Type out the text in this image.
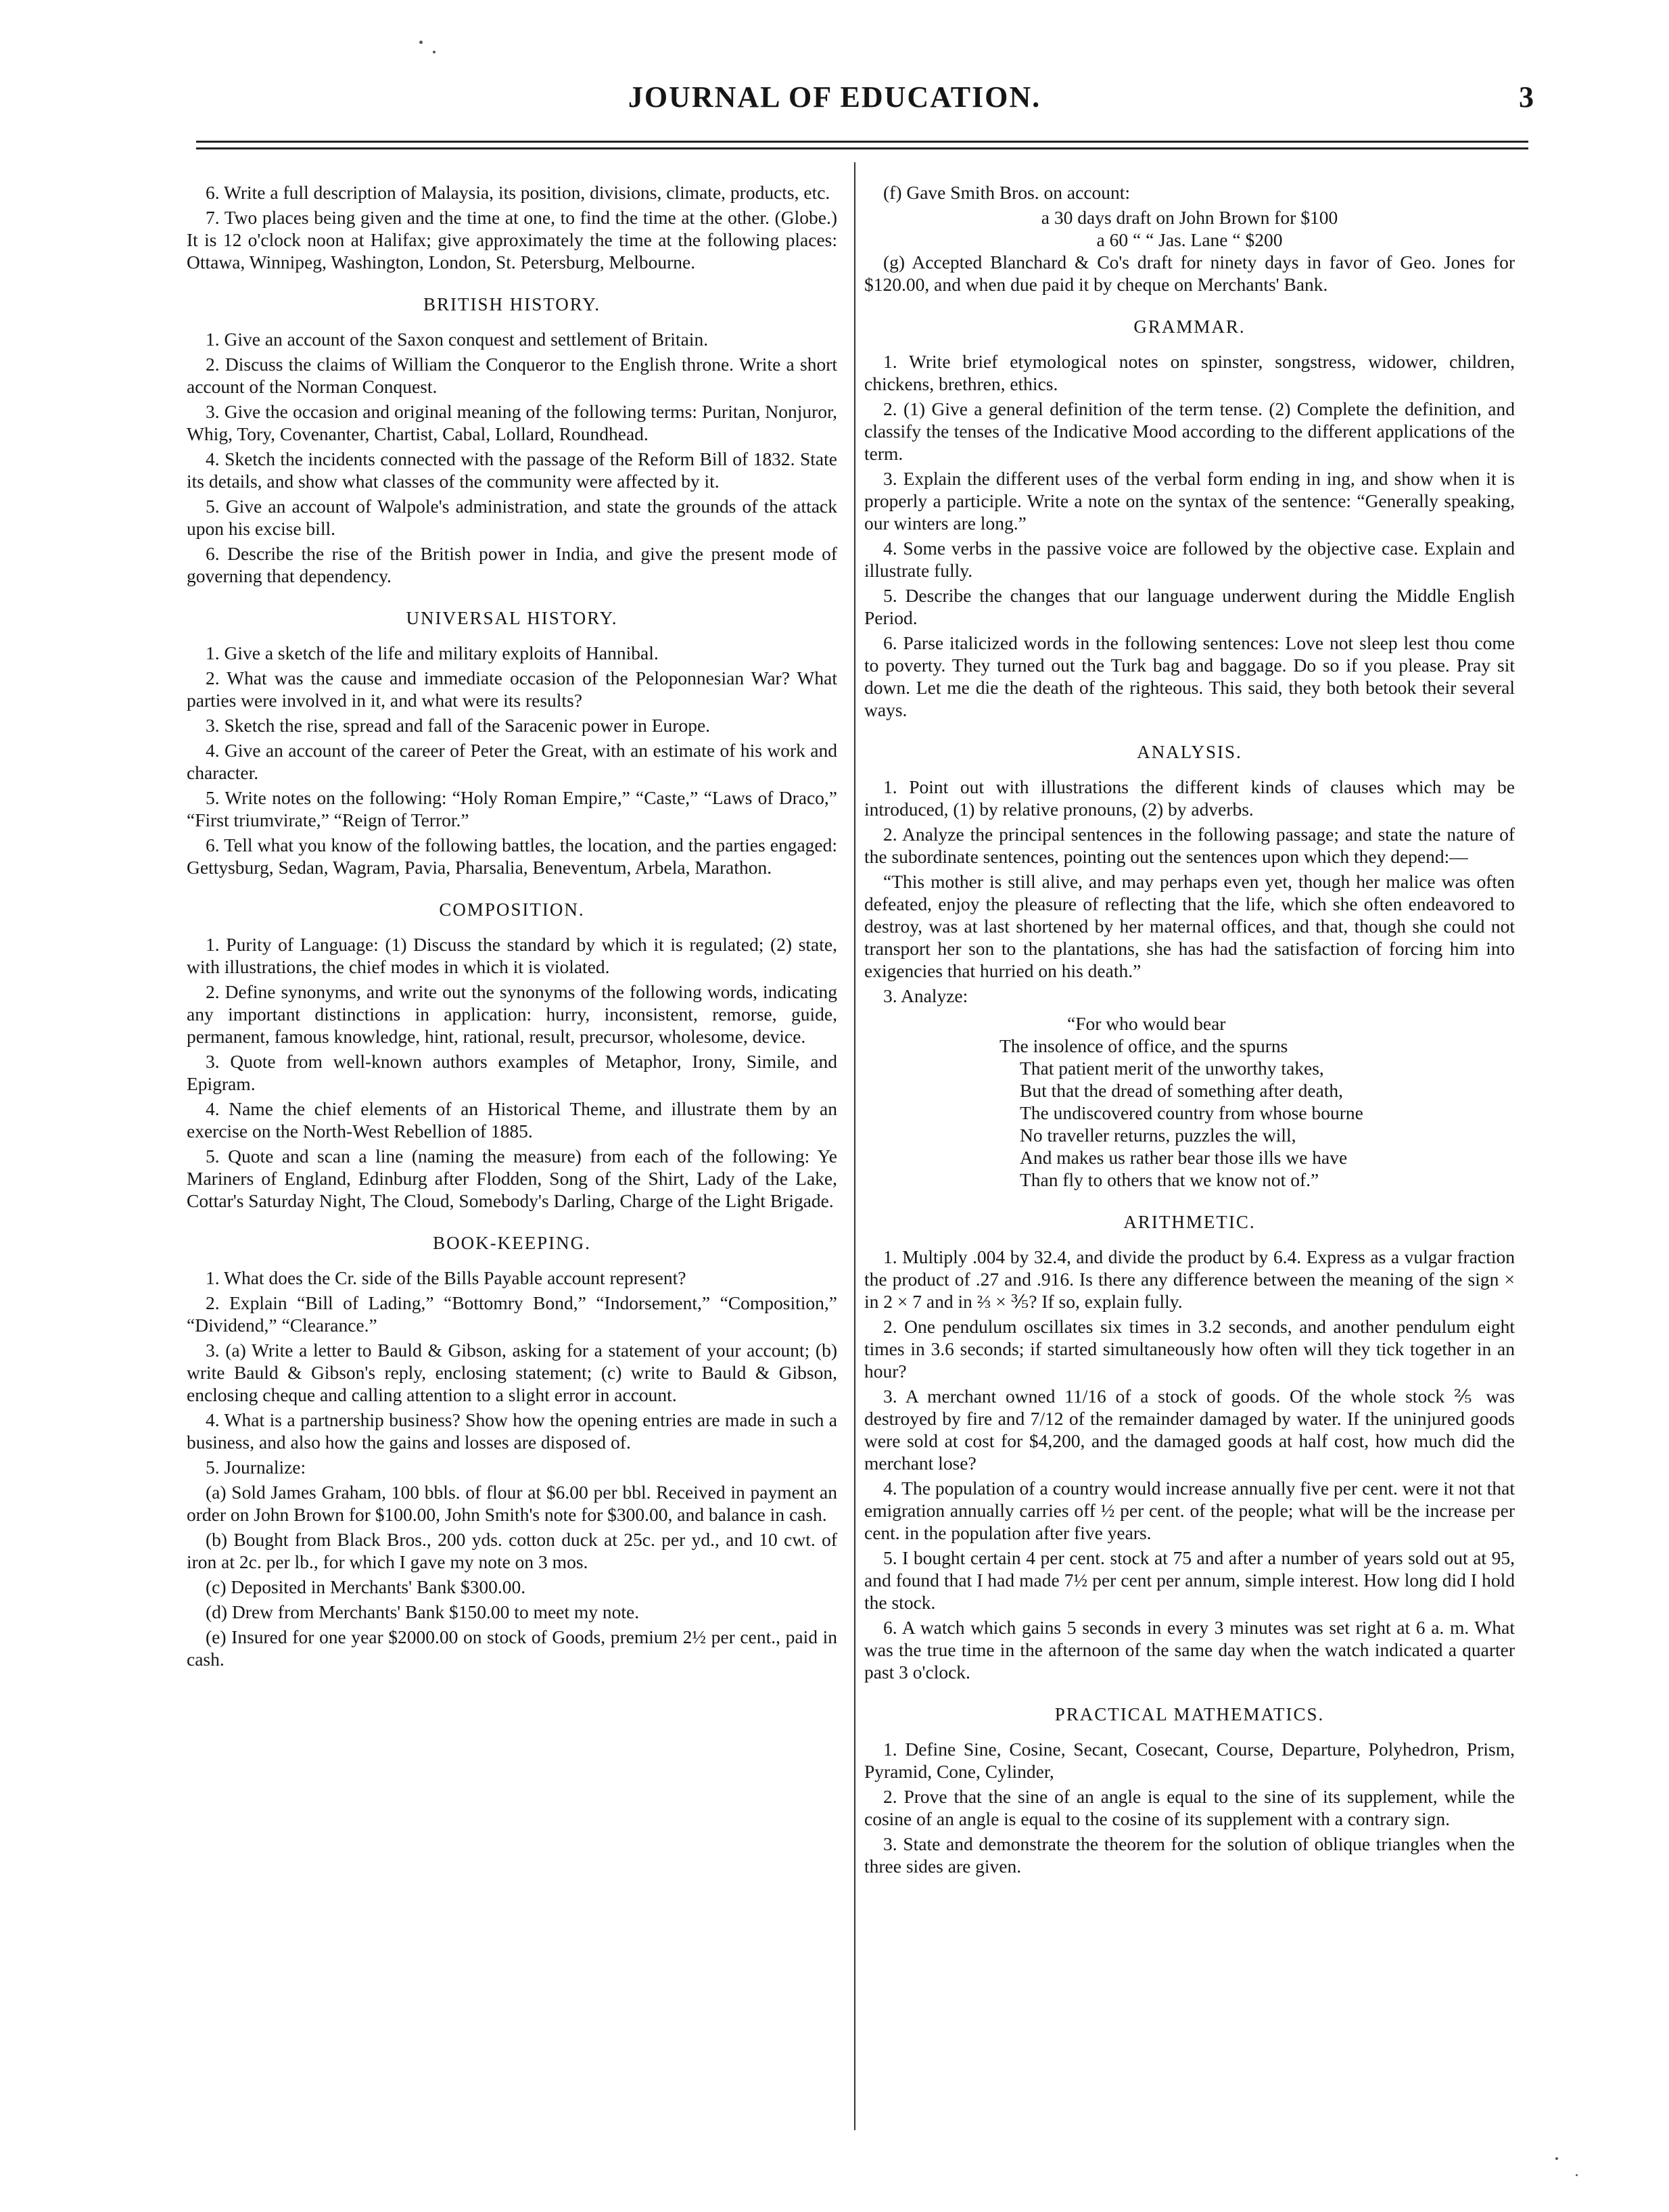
JOURNAL OF EDUCATION.	3

6. Write a full description of Malaysia, its position, divisions, climate, products, etc.

7. Two places being given and the time at one, to find the time at the other. (Globe.) It is 12 o'clock noon at Halifax; give approximately the time at the following places: Ottawa, Winnipeg, Washington, London, St. Petersburg, Melbourne.

BRITISH HISTORY.

1. Give an account of the Saxon conquest and settlement of Britain.

2. Discuss the claims of William the Conqueror to the English throne. Write a short account of the Norman Conquest.

3. Give the occasion and original meaning of the following terms: Puritan, Nonjuror, Whig, Tory, Covenanter, Chartist, Cabal, Lollard, Roundhead.

4. Sketch the incidents connected with the passage of the Reform Bill of 1832. State its details, and show what classes of the community were affected by it.

5. Give an account of Walpole's administration, and state the grounds of the attack upon his excise bill.

6. Describe the rise of the British power in India, and give the present mode of governing that dependency.

UNIVERSAL HISTORY.

1. Give a sketch of the life and military exploits of Hannibal.

2. What was the cause and immediate occasion of the Peloponnesian War? What parties were involved in it, and what were its results?

3. Sketch the rise, spread and fall of the Saracenic power in Europe.

4. Give an account of the career of Peter the Great, with an estimate of his work and character.

5. Write notes on the following: “Holy Roman Empire,” “Caste,” “Laws of Draco,” “First triumvirate,” “Reign of Terror.”

6. Tell what you know of the following battles, the location, and the parties engaged: Gettysburg, Sedan, Wagram, Pavia, Pharsalia, Beneventum, Arbela, Marathon.

COMPOSITION.

1. Purity of Language: (1) Discuss the standard by which it is regulated; (2) state, with illustrations, the chief modes in which it is violated.

2. Define synonyms, and write out the synonyms of the following words, indicating any important distinctions in application: hurry, inconsistent, remorse, guide, permanent, famous knowledge, hint, rational, result, precursor, wholesome, device.

3. Quote from well-known authors examples of Metaphor, Irony, Simile, and Epigram.

4. Name the chief elements of an Historical Theme, and illustrate them by an exercise on the North-West Rebellion of 1885.

5. Quote and scan a line (naming the measure) from each of the following: Ye Mariners of England, Edinburg after Flodden, Song of the Shirt, Lady of the Lake, Cottar's Saturday Night, The Cloud, Somebody's Darling, Charge of the Light Brigade.

BOOK-KEEPING.

1. What does the Cr. side of the Bills Payable account represent?

2. Explain “Bill of Lading,” “Bottomry Bond,” “Indorsement,” “Composition,” “Dividend,” “Clearance.”

3. (a) Write a letter to Bauld & Gibson, asking for a statement of your account; (b) write Bauld & Gibson's reply, enclosing statement; (c) write to Bauld & Gibson, enclosing cheque and calling attention to a slight error in account.

4. What is a partnership business? Show how the opening entries are made in such a business, and also how the gains and losses are disposed of.

5. Journalize:

(a) Sold James Graham, 100 bbls. of flour at $6.00 per bbl. Received in payment an order on John Brown for $100.00, John Smith's note for $300.00, and balance in cash.

(b) Bought from Black Bros., 200 yds. cotton duck at 25c. per yd., and 10 cwt. of iron at 2c. per lb., for which I gave my note on 3 mos.

(c) Deposited in Merchants' Bank $300.00.

(d) Drew from Merchants' Bank $150.00 to meet my note.

(e) Insured for one year $2000.00 on stock of Goods, premium 2½ per cent., paid in cash.

(f) Gave Smith Bros. on account:

a 30 days draft on John Brown for $100

a 60 “ “ Jas. Lane “ $200

(g) Accepted Blanchard & Co's draft for ninety days in favor of Geo. Jones for $120.00, and when due paid it by cheque on Merchants' Bank.

GRAMMAR.

1. Write brief etymological notes on spinster, songstress, widower, children, chickens, brethren, ethics.

2. (1) Give a general definition of the term tense. (2) Complete the definition, and classify the tenses of the Indicative Mood according to the different applications of the term.

3. Explain the different uses of the verbal form ending in ing, and show when it is properly a participle. Write a note on the syntax of the sentence: “Generally speaking, our winters are long.”

4. Some verbs in the passive voice are followed by the objective case. Explain and illustrate fully.

5. Describe the changes that our language underwent during the Middle English Period.

6. Parse italicized words in the following sentences: Love not sleep lest thou come to poverty. They turned out the Turk bag and baggage. Do so if you please. Pray sit down. Let me die the death of the righteous. This said, they both betook their several ways.

ANALYSIS.

1. Point out with illustrations the different kinds of clauses which may be introduced, (1) by relative pronouns, (2) by adverbs.

2. Analyze the principal sentences in the following passage; and state the nature of the subordinate sentences, pointing out the sentences upon which they depend:—

“This mother is still alive, and may perhaps even yet, though her malice was often defeated, enjoy the pleasure of reflecting that the life, which she often endeavored to destroy, was at last shortened by her maternal offices, and that, though she could not transport her son to the plantations, she has had the satisfaction of forcing him into exigencies that hurried on his death.”

3. Analyze:

“For who would bear

The insolence of office, and the spurns

That patient merit of the unworthy takes,

But that the dread of something after death,

The undiscovered country from whose bourne

No traveller returns, puzzles the will,

And makes us rather bear those ills we have

Than fly to others that we know not of.”

ARITHMETIC.

1. Multiply .004 by 32.4, and divide the product by 6.4. Express as a vulgar fraction the product of .27 and .916. Is there any difference between the meaning of the sign × in 2 × 7 and in ⅔ × ⅗? If so, explain fully.

2. One pendulum oscillates six times in 3.2 seconds, and another pendulum eight times in 3.6 seconds; if started simultaneously how often will they tick together in an hour?

3. A merchant owned 11/16 of a stock of goods. Of the whole stock ⅖ was destroyed by fire and 7/12 of the remainder damaged by water. If the uninjured goods were sold at cost for $4,200, and the damaged goods at half cost, how much did the merchant lose?

4. The population of a country would increase annually five per cent. were it not that emigration annually carries off ½ per cent. of the people; what will be the increase per cent. in the population after five years.

5. I bought certain 4 per cent. stock at 75 and after a number of years sold out at 95, and found that I had made 7½ per cent per annum, simple interest. How long did I hold the stock.

6. A watch which gains 5 seconds in every 3 minutes was set right at 6 a. m. What was the true time in the afternoon of the same day when the watch indicated a quarter past 3 o'clock.

PRACTICAL MATHEMATICS.

1. Define Sine, Cosine, Secant, Cosecant, Course, Departure, Polyhedron, Prism, Pyramid, Cone, Cylinder,

2. Prove that the sine of an angle is equal to the sine of its supplement, while the cosine of an angle is equal to the cosine of its supplement with a contrary sign.

3. State and demonstrate the theorem for the solution of oblique triangles when the three sides are given.
